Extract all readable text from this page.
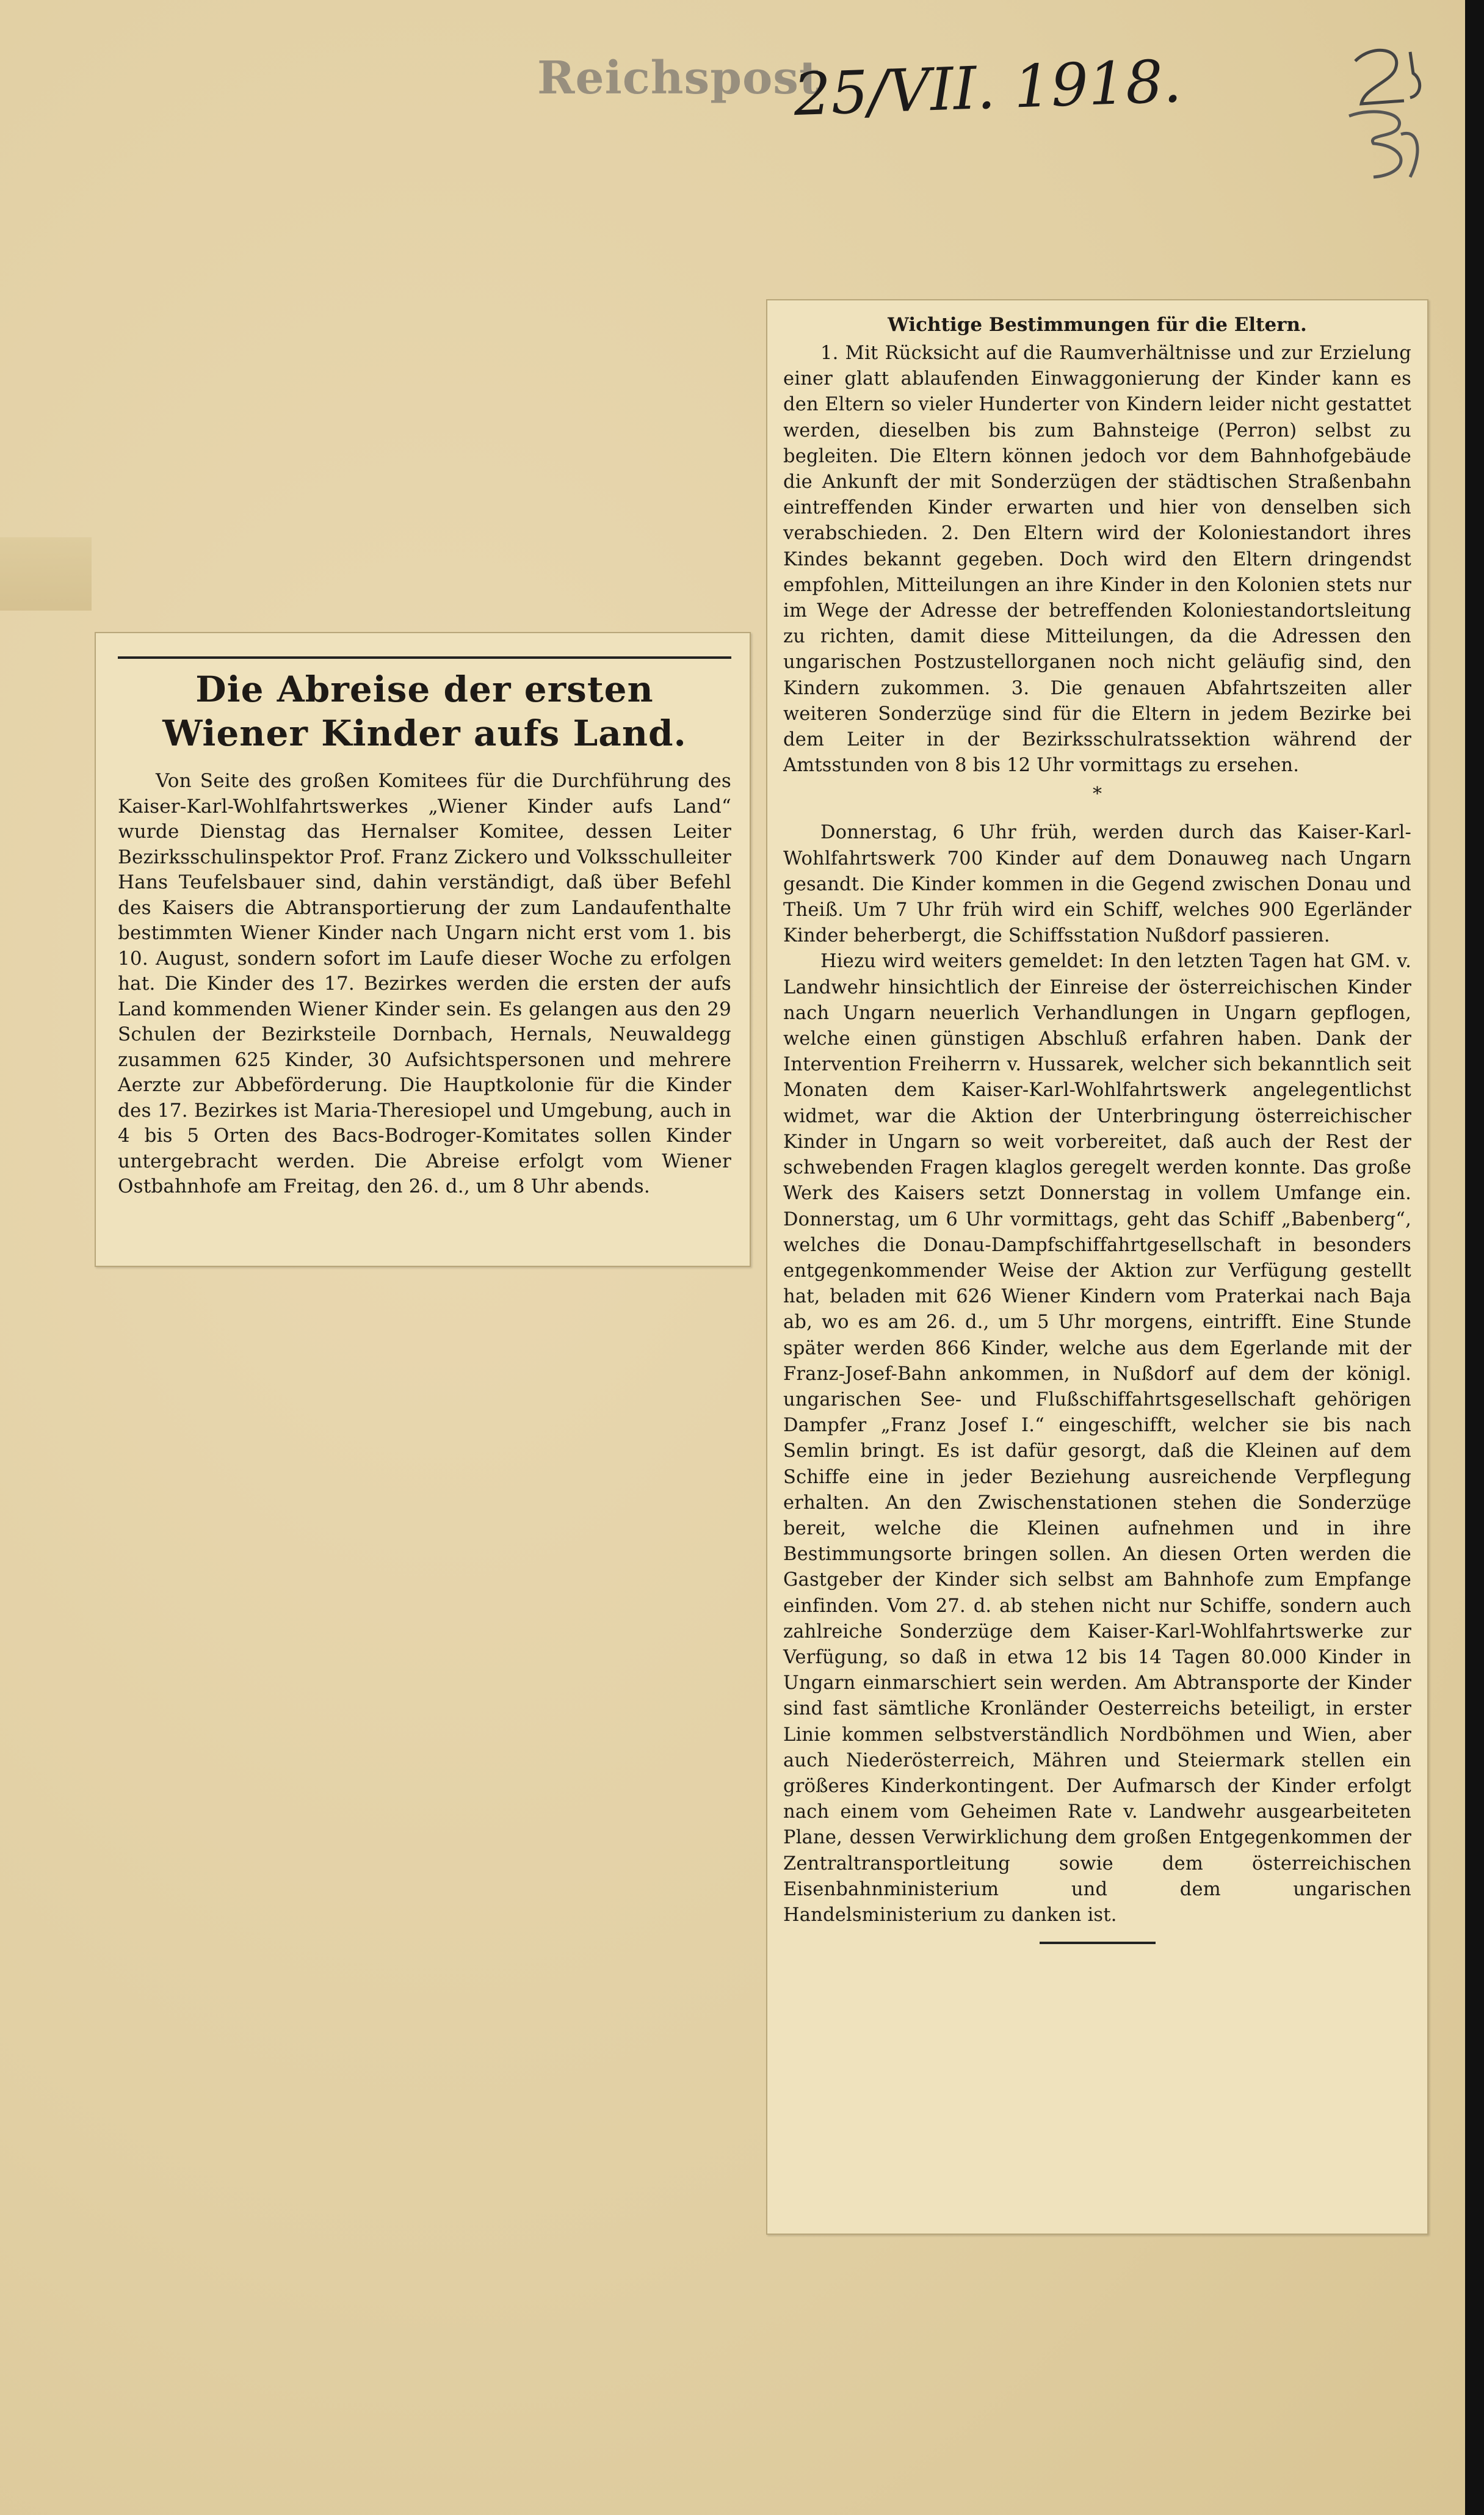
Reichspost
25/VII. 1918.
Die Abreise der ersten Wiener Kinder aufs Land.

Von Seite des großen Komitees für die Durchführung des Kaiser-Karl-Wohlfahrtswerkes „Wiener Kinder aufs Land“ wurde Dienstag das Hernalser Komitee, dessen Leiter Bezirksschulinspektor Prof. Franz Zickero und Volksschulleiter Hans Teufelsbauer sind, dahin verständigt, daß über Befehl des Kaisers die Abtransportierung der zum Landaufenthalte bestimmten Wiener Kinder nach Ungarn nicht erst vom 1. bis 10. August, sondern sofort im Laufe dieser Woche zu erfolgen hat. Die Kinder des 17. Bezirkes werden die ersten der aufs Land kommenden Wiener Kinder sein. Es gelangen aus den 29 Schulen der Bezirksteile Dornbach, Hernals, Neuwaldegg zusammen 625 Kinder, 30 Aufsichtspersonen und mehrere Aerzte zur Abbeförderung. Die Hauptkolonie für die Kinder des 17. Bezirkes ist Maria-Theresiopel und Umgebung, auch in 4 bis 5 Orten des Bacs-Bodroger-Komitates sollen Kinder untergebracht werden. Die Abreise erfolgt vom Wiener Ostbahnhofe am Freitag, den 26. d., um 8 Uhr abends.

Wichtige Bestimmungen für die Eltern.

1. Mit Rücksicht auf die Raumverhältnisse und zur Erzielung einer glatt ablaufenden Einwaggonierung der Kinder kann es den Eltern so vieler Hunderter von Kindern leider nicht gestattet werden, dieselben bis zum Bahnsteige (Perron) selbst zu begleiten. Die Eltern können jedoch vor dem Bahnhofgebäude die Ankunft der mit Sonderzügen der städtischen Straßenbahn eintreffenden Kinder erwarten und hier von denselben sich verabschieden. 2. Den Eltern wird der Koloniestandort ihres Kindes bekannt gegeben. Doch wird den Eltern dringendst empfohlen, Mitteilungen an ihre Kinder in den Kolonien stets nur im Wege der Adresse der betreffenden Koloniestandortsleitung zu richten, damit diese Mitteilungen, da die Adressen den ungarischen Postzustellorganen noch nicht geläufig sind, den Kindern zukommen. 3. Die genauen Abfahrtszeiten aller weiteren Sonderzüge sind für die Eltern in jedem Bezirke bei dem Leiter in der Bezirksschulratssektion während der Amtsstunden von 8 bis 12 Uhr vormittags zu ersehen.

*

Donnerstag, 6 Uhr früh, werden durch das Kaiser-Karl-Wohlfahrtswerk 700 Kinder auf dem Donauweg nach Ungarn gesandt. Die Kinder kommen in die Gegend zwischen Donau und Theiß. Um 7 Uhr früh wird ein Schiff, welches 900 Egerländer Kinder beherbergt, die Schiffsstation Nußdorf passieren.

Hiezu wird weiters gemeldet: In den letzten Tagen hat GM. v. Landwehr hinsichtlich der Einreise der österreichischen Kinder nach Ungarn neuerlich Verhandlungen in Ungarn gepflogen, welche einen günstigen Abschluß erfahren haben. Dank der Intervention Freiherrn v. Hussarek, welcher sich bekanntlich seit Monaten dem Kaiser-Karl-Wohlfahrtswerk angelegentlichst widmet, war die Aktion der Unterbringung österreichischer Kinder in Ungarn so weit vorbereitet, daß auch der Rest der schwebenden Fragen klaglos geregelt werden konnte. Das große Werk des Kaisers setzt Donnerstag in vollem Umfange ein. Donnerstag, um 6 Uhr vormittags, geht das Schiff „Babenberg“, welches die Donau-Dampfschiffahrtgesellschaft in besonders entgegenkommender Weise der Aktion zur Verfügung gestellt hat, beladen mit 626 Wiener Kindern vom Praterkai nach Baja ab, wo es am 26. d., um 5 Uhr morgens, eintrifft. Eine Stunde später werden 866 Kinder, welche aus dem Egerlande mit der Franz-Josef-Bahn ankommen, in Nußdorf auf dem der königl. ungarischen See- und Flußschiffahrtsgesellschaft gehörigen Dampfer „Franz Josef I.“ eingeschifft, welcher sie bis nach Semlin bringt. Es ist dafür gesorgt, daß die Kleinen auf dem Schiffe eine in jeder Beziehung ausreichende Verpflegung erhalten. An den Zwischenstationen stehen die Sonderzüge bereit, welche die Kleinen aufnehmen und in ihre Bestimmungsorte bringen sollen. An diesen Orten werden die Gastgeber der Kinder sich selbst am Bahnhofe zum Empfange einfinden. Vom 27. d. ab stehen nicht nur Schiffe, sondern auch zahlreiche Sonderzüge dem Kaiser-Karl-Wohlfahrtswerke zur Verfügung, so daß in etwa 12 bis 14 Tagen 80.000 Kinder in Ungarn einmarschiert sein werden. Am Abtransporte der Kinder sind fast sämtliche Kronländer Oesterreichs beteiligt, in erster Linie kommen selbstverständlich Nordböhmen und Wien, aber auch Niederösterreich, Mähren und Steiermark stellen ein größeres Kinderkontingent. Der Aufmarsch der Kinder erfolgt nach einem vom Geheimen Rate v. Landwehr ausgearbeiteten Plane, dessen Verwirklichung dem großen Entgegenkommen der Zentraltransportleitung sowie dem österreichischen Eisenbahnministerium und dem ungarischen Handelsministerium zu danken ist.
